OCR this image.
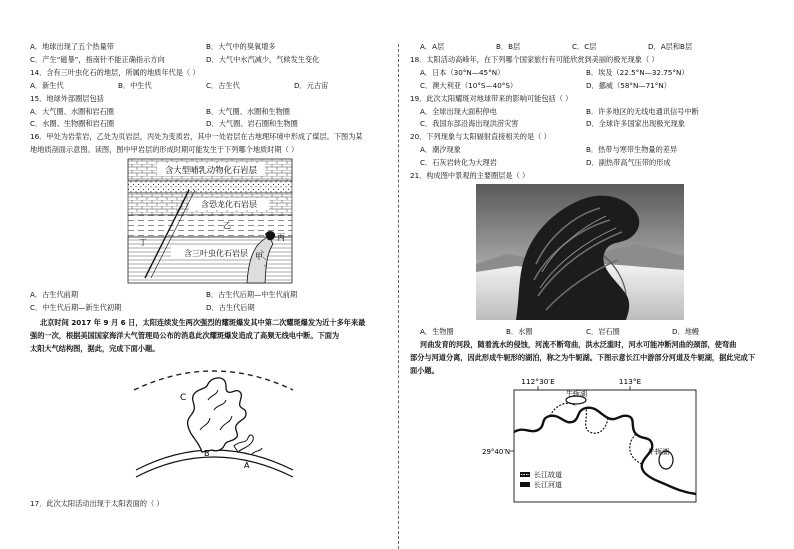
A．地球出现了五个热量带	B．大气中的臭氧增多
C．产生“磁暴”，指南针不能正确指示方向	D．大气中水汽减少，气候发生变化
14．含有三叶虫化石的地层，所属的地质年代是（ ）
A．新生代	B．中生代	C．古生代	D．元古宙
15．地球外部圈层包括
A．大气圈、水圈和岩石圈	B．大气圈、水圈和生物圈
C．水圈、生物圈和岩石圈	D．大气圈、岩石圈和生物圈
16．甲处为岩浆岩，乙处为页岩层，丙处为变质岩，其中一处岩层在古地理环境中形成了煤层。下图为某
地地质剖面示意图。读图，图中甲岩层的形成时期可能发生于下列哪个地质时期（ ）
含大型哺乳动物化石岩层
含恐龙化石岩层
含三叶虫化石岩层
丁
乙
丙
甲
A．古生代前期	B．古生代后期—中生代前期
C．中生代后期—新生代初期	D．古生代后期
北京时间 2017 年 9 月 6 日，太阳连续发生两次强烈的耀斑爆发其中第二次耀斑爆发为近十多年来最
强的一次，根据美国国家海洋大气管理局公布的消息此次耀斑爆发造成了高频无线电中断。下面为
太阳大气结构图，据此，完成下面小题。
C
B
A
17．此次太阳活动出现于太阳表面的（ ）
A．A层	B．B层	C．C层	D．A层和B层
18．太阳活动高峰年，在下列哪个国家旅行有可能欣赏到美丽的极光现象（ ）
A．日本（30°N—45°N）	B．埃及（22.5°N—32.75°N）
C．澳大利亚（10°S—40°S）	D．挪威（58°N—71°N）
19．此次太阳耀斑对地球带来的影响可能包括（ ）
A．全球出现大面积停电	B．许多地区的无线电通讯信号中断
C．我国东部沿海出现洪涝灾害	D．全球许多国家出现极光现象
20．下列现象与太阳辐射直接相关的是（ ）
A．潮汐现象	B．热带与寒带生物量的差异
C．石灰岩转化为大理岩	D．副热带高气压带的形成
21．构成图中景观的主要圈层是（ ）
A．生物圈	B．水圈	C．岩石圈	D．地幔
河曲发育的河段，随着流水的侵蚀，河流不断弯曲，洪水泛滥时，河水可能冲断河曲的颈部，使弯曲
部分与河道分离，因此形成牛轭形的湖泊，称之为牛轭湖。下图示意长江中游部分河道及牛轭湖，据此完成下
面小题。
112°30′E	113°E
29°40′N
牛轭湖
牛轭湖
长江故道
长江河道
